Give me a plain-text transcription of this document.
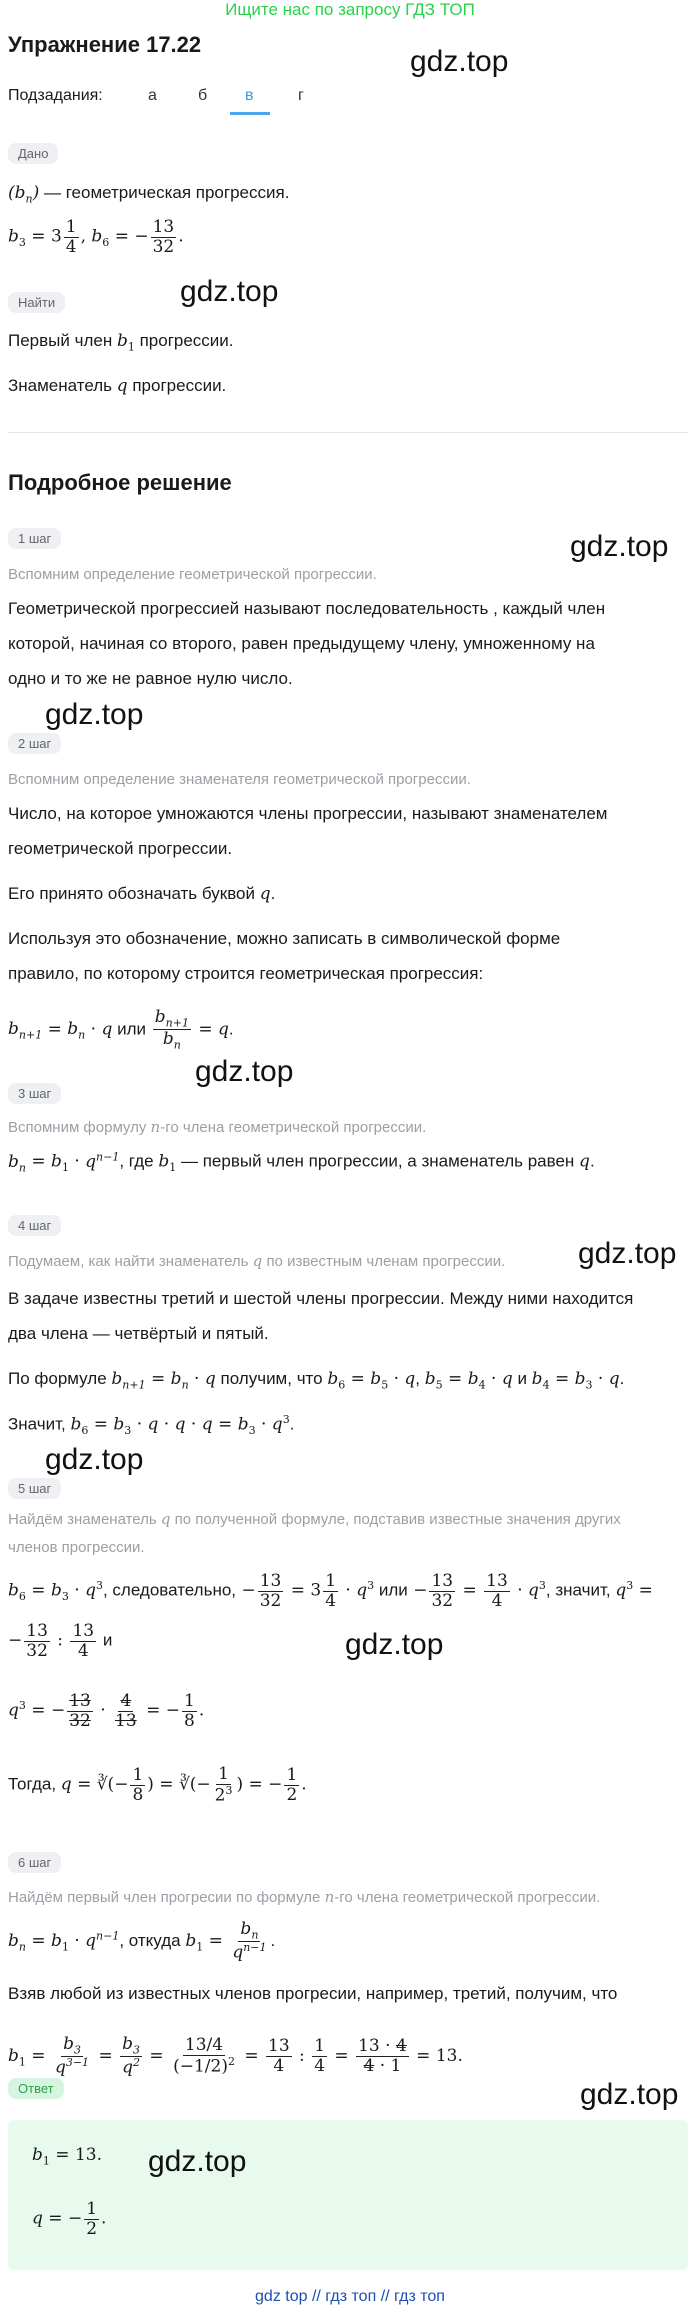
Ищите нас по запросу ГДЗ ТОП
Упражнение 17.22
Подзадания:	а	б в	г
gdz.top
Дано
$(b_n)$ — геометрическая прогрессия.
$b_3 = 3 \frac{1}{4}$ , $b_6$ = − $\frac{13}{32}$ .
gdz.top
Найти
Первый член $b_1$ прогрессии.
Знаменатель q прогрессии.
Подробное решение
1 шаг	gdz.top
Вспомним определение геометрической прогрессии.
Геометрической прогрессией называют последовательность , каждый член
которой, начиная со второго, равен предыдущему члену, умноженному на
одно и то же не равное нулю число.
gdz.top
2 шаг
Вспомним определение знаменателя геометрической прогрессии.
Число, на которое умножаются члены прогрессии, называют знаменателем
геометрической прогрессии.
Его принято обозначать буквой q.
Используя это обозначение, можно записать в символической форме
правило, по которому строится геометрическая прогрессия:
$b_{n+1} = b_n \cdot q$ или $\frac{b_{n+1}}{b_n} = q$.
gdz.top
3 шаг
Вспомним формулу n-го члена геометрической прогрессии.
$b_n = b_1 \cdot q^{n-1}$, где $b_1$ — первый член прогрессии, а знаменатель равен q.
4 шаг
gdz.top
Подумаем, как найти знаменатель q по известным членам прогрессии.
В задаче известны третий и шестой члены прогрессии. Между ними находится
два члена — четвёртый и пятый.
По формуле $b_{n+1} = b_n \cdot q$ получим, что $b_6 = b_5 \cdot q$, $b_5 = b_4 \cdot q$ и $b_4 = b_3 \cdot q$.
Значит, $b_6 = b_3 \cdot q \cdot q \cdot q = b_3 \cdot q^3$.
gdz.top
5 шаг
Найдём знаменатель q по полученной формуле, подставив известные значения других
членов прогрессии.
$b_6 = b_3 \cdot q^3$, следовательно, − $\frac{13}{32} = 3 \frac{1}{4} \cdot q^3$ или − $\frac{13}{32} = \frac{13}{4} \cdot q^3$, значит, $q^3$ =
− $\frac{13}{32}$ : $\frac{13}{4}$ и	gdz.top
$q^3$ = − $\frac{13}{32} \cdot \frac{4}{13}$ = − $\frac{1}{8}$ .
Тогда, q = ∛(− $\frac{1}{8}$ ) = ∛(− $\frac{1}{2^3}$ ) = − $\frac{1}{2}$ .
6 шаг
Найдём первый член прогресии по формуле n-го члена геометрической прогрессии.
$b_n = b_1 \cdot q^{n-1}$, откуда $b_1 = \frac{b_n}{q^{n-1}}$ .
Взяв любой из известных членов прогресии, например, третий, получим, что
$b_1 = \frac{b_3}{q^{3-1}} = \frac{b_3}{q^2} = \frac{13/4}{(-1/2)^2} = \frac{13}{4}$ : $\frac{1}{4} = \frac{13 \cdot 4}{4 \cdot 1} = 13$.
Ответ	gdz.top
$b_1 = 13$.
q = − $\frac{1}{2}$ .
gdz.top
gdz top // гдз топ // гдз топ
